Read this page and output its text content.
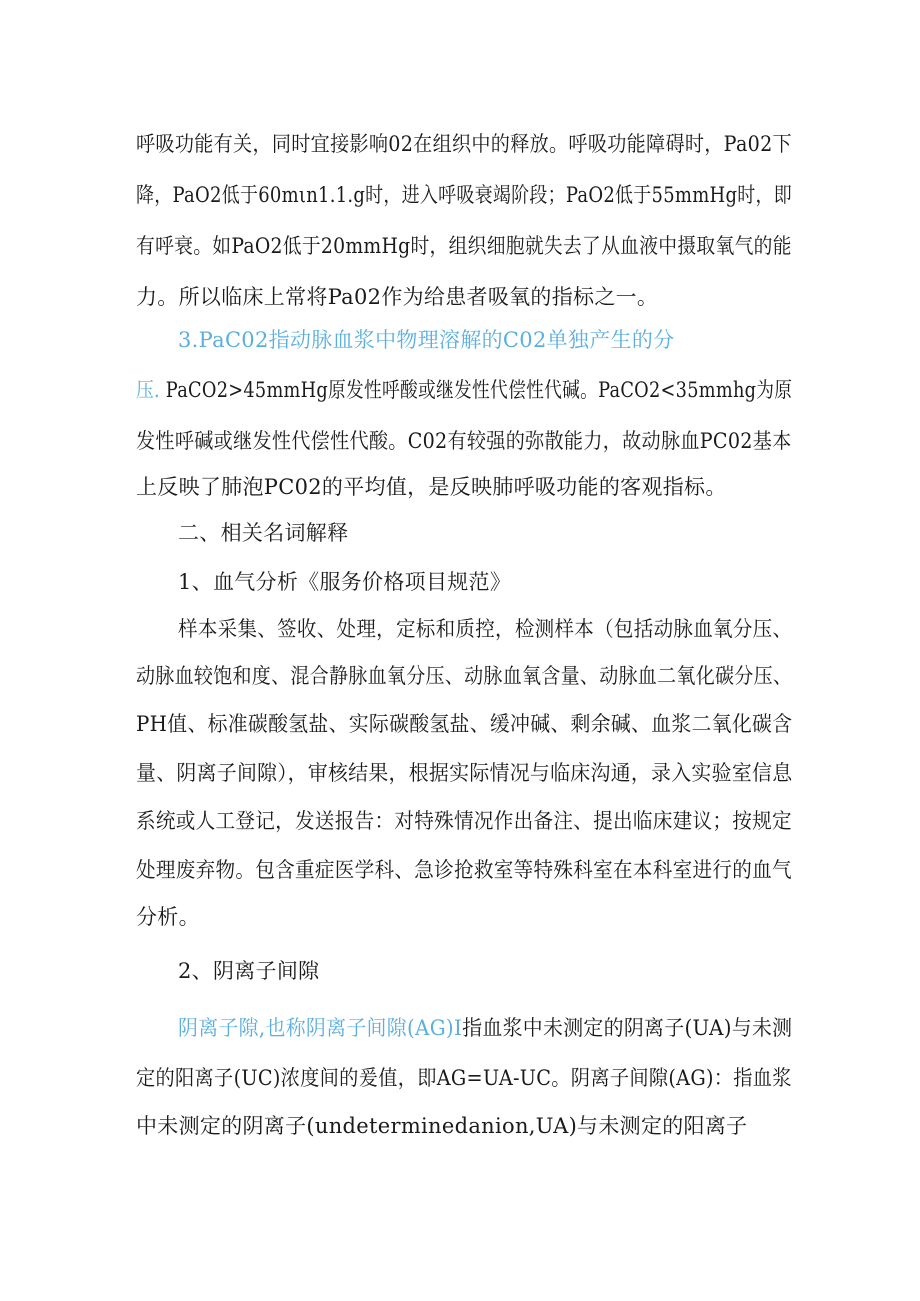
呼吸功能有关，同时宜接影响02在组织中的释放。呼吸功能障碍时，Pa02下
降，PaO2低于60mιn1.1.g时，进入呼吸衰竭阶段；PaO2低于55mmHg时，即
有呼衰。如PaO2低于20mmHg时，组织细胞就失去了从血液中摄取氧气的能
力。所以临床上常将Pa02作为给患者吸氧的指标之一。
3.PaC02指动脉血浆中物理溶解的C02单独产生的分
压. PaCO2>45mmHg原发性呼酸或继发性代偿性代碱。PaCO2<35mmhg为原
发性呼碱或继发性代偿性代酸。C02有较强的弥散能力，故动脉血PC02基本
上反映了肺泡PC02的平均值，是反映肺呼吸功能的客观指标。
二、相关名词解释
1、血气分析《服务价格项目规范》
样本采集、签收、处理，定标和质控，检测样本（包括动脉血氧分压、
动脉血较饱和度、混合静脉血氧分压、动脉血氧含量、动脉血二氧化碳分压、
PH值、标准碳酸氢盐、实际碳酸氢盐、缓冲碱、剩余碱、血浆二氧化碳含
量、阴离子间隙），审核结果，根据实际情况与临床沟通，录入实验室信息
系统或人工登记，发送报告：对特殊情况作出备注、提出临床建议；按规定
处理废弃物。包含重症医学科、急诊抢救室等特殊科室在本科室进行的血气
分析。
2、阴离子间隙
阴离子隙,也称阴离子间隙(AG)I指血浆中未测定的阴离子(UA)与未测
定的阳离子(UC)浓度间的爰值，即AG=UA-UC。阴离子间隙(AG)：指血浆
中未测定的阴离子(undeterminedanion,UA)与未测定的阳离子
